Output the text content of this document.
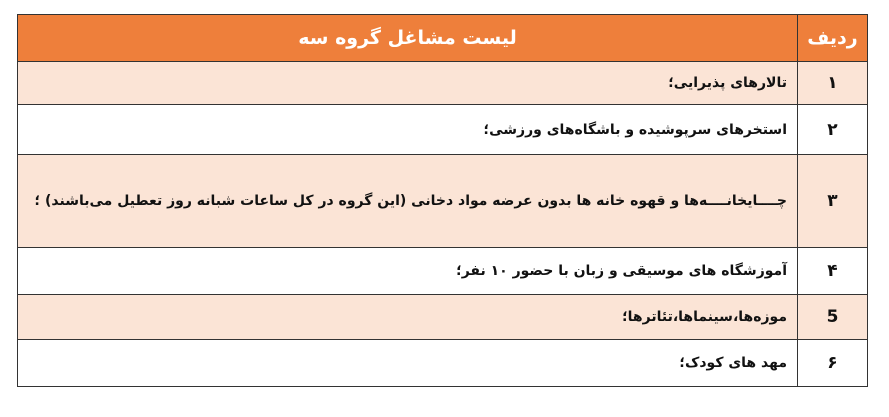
ردیف	لیست مشاغل گروه سه
۱	تالارهای پذیرایی؛
۲	استخرهای سرپوشیده و باشگاه‌های ورزشی؛
۳	چــــایخانــــه‌ها و قهوه خانه ها بدون عرضه مواد دخانی (این گروه در کل ساعات شبانه روز تعطیل می‌باشند) ؛
۴	آموزشگاه های موسیقی و زبان با حضور ۱۰ نفر؛
5	موزه‌ها،سینماها،تئاترها؛
۶	مهد های کودک؛
